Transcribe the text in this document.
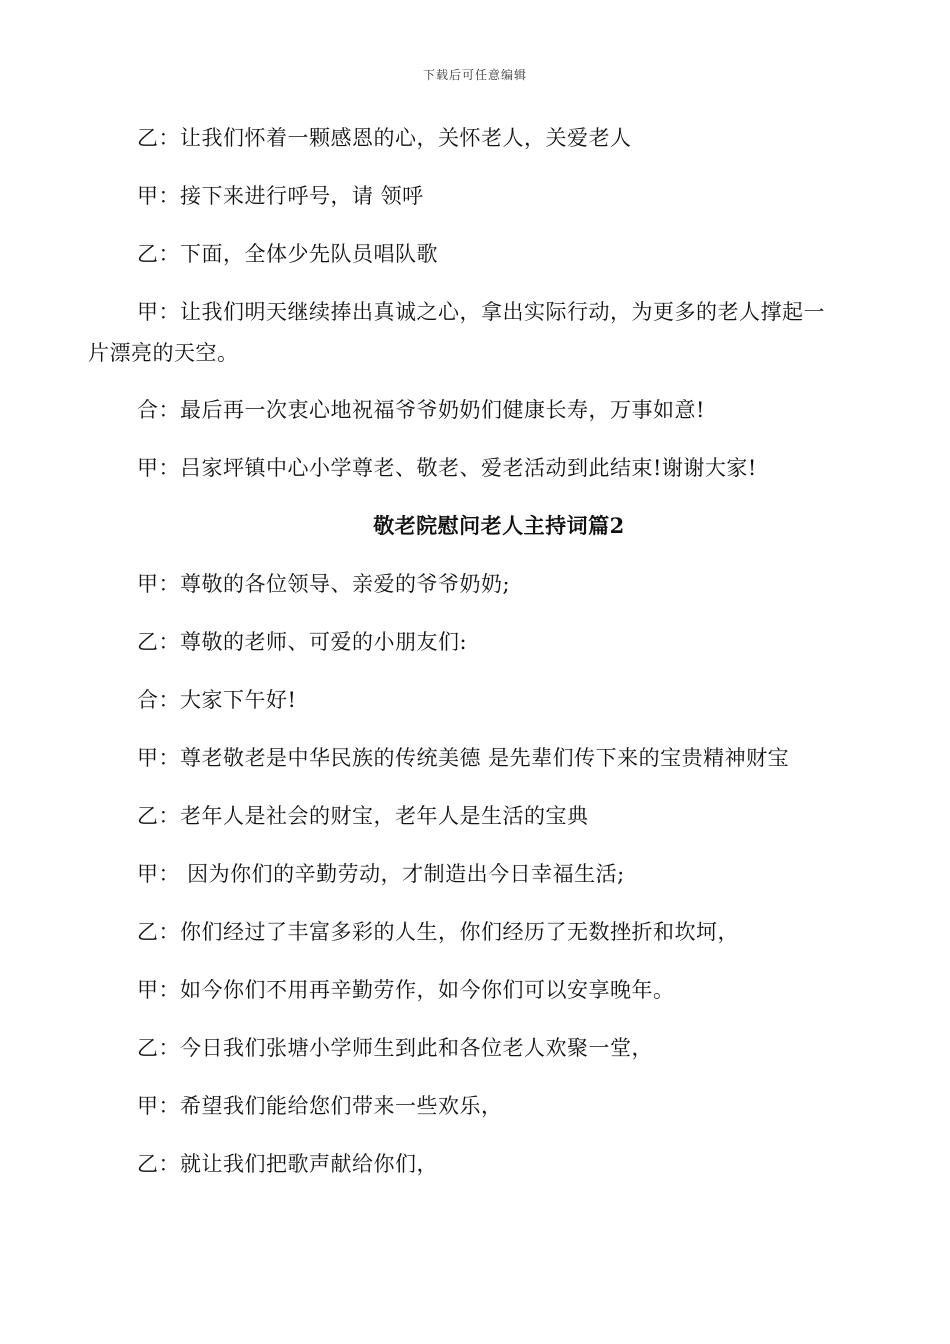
下载后可任意编辑
乙：让我们怀着一颗感恩的心，关怀老人，关爱老人
甲：接下来进行呼号，请 领呼
乙：下面，全体少先队员唱队歌
甲：让我们明天继续捧出真诚之心，拿出实际行动，为更多的老人撑起一
片漂亮的天空。
合：最后再一次衷心地祝福爷爷奶奶们健康长寿，万事如意!
甲：吕家坪镇中心小学尊老、敬老、爱老活动到此结束!谢谢大家!
敬老院慰问老人主持词篇2
甲：尊敬的各位领导、亲爱的爷爷奶奶;
乙：尊敬的老师、可爱的小朋友们:
合：大家下午好!
甲：尊老敬老是中华民族的传统美德 是先辈们传下来的宝贵精神财宝
乙：老年人是社会的财宝，老年人是生活的宝典
甲： 因为你们的辛勤劳动，才制造出今日幸福生活;
乙：你们经过了丰富多彩的人生，你们经历了无数挫折和坎坷，
甲：如今你们不用再辛勤劳作，如今你们可以安享晚年。
乙：今日我们张塘小学师生到此和各位老人欢聚一堂，
甲：希望我们能给您们带来一些欢乐，
乙：就让我们把歌声献给你们，
